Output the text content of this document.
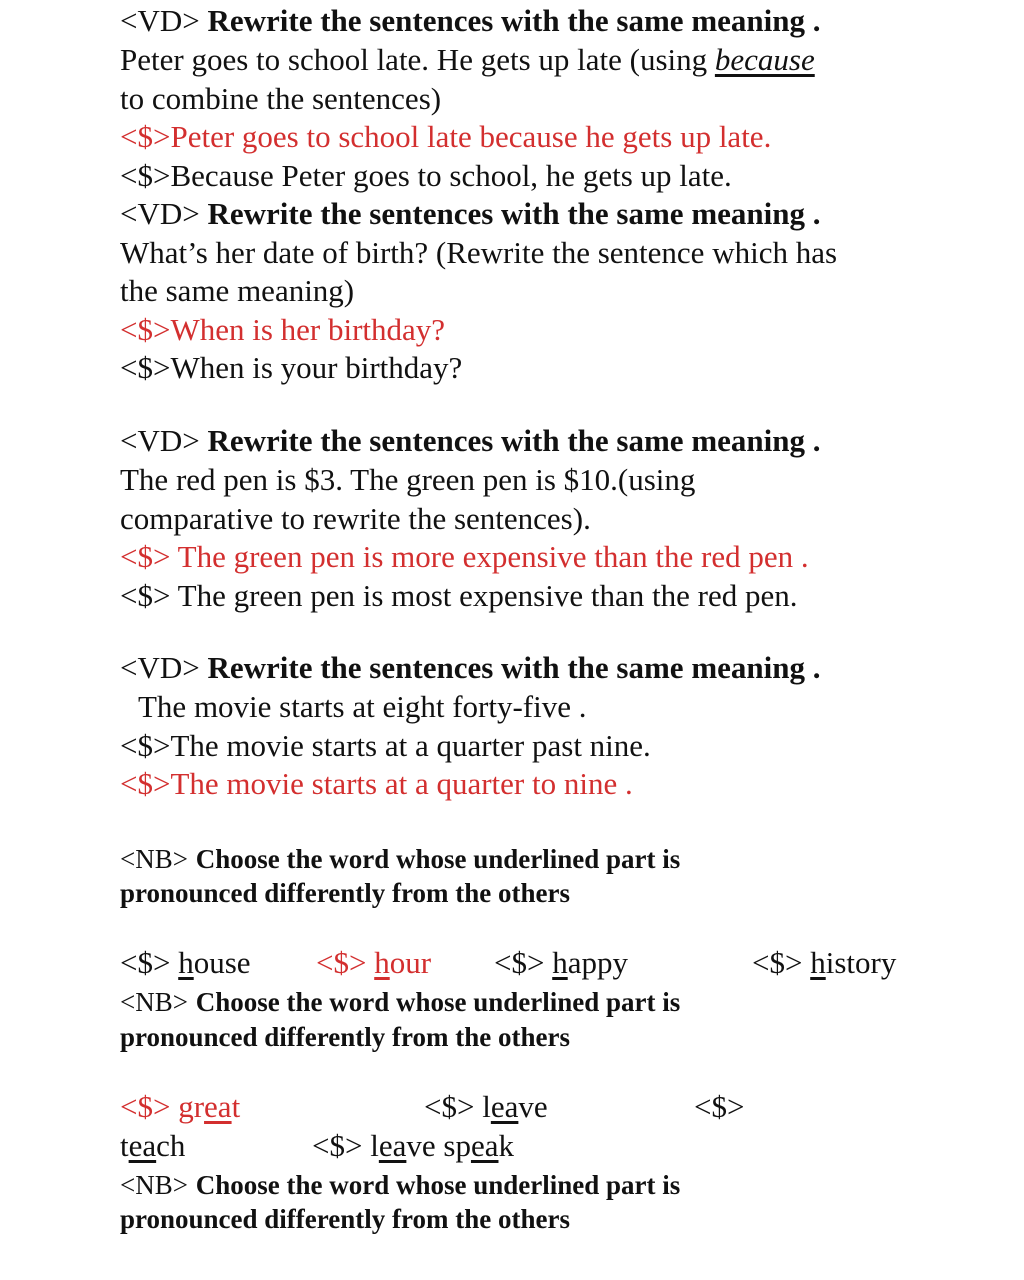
<VD> Rewrite the sentences with the same meaning .
Peter goes to school late. He gets up late (using because
to combine the sentences)
<$>Peter goes to school late because he gets up late.
<$>Because Peter goes to school, he gets up late.
<VD> Rewrite the sentences with the same meaning .
What’s her date of birth? (Rewrite the sentence which has
the same meaning)
<$>When is her birthday?
<$>When is your birthday?
<VD> Rewrite the sentences with the same meaning .
The red pen is $3. The green pen is $10.(using
comparative to rewrite the sentences).
<$> The green pen is more expensive than the red pen .
<$> The green pen is most expensive than the red pen.
<VD> Rewrite the sentences with the same meaning .
The movie starts at eight forty-five .
<$>The movie starts at a quarter past nine.
<$>The movie starts at a quarter to nine .
<NB> Choose the word whose underlined part is
pronounced differently from the others
<$> house <$> hour <$> happy	<$> history
<NB> Choose the word whose underlined part is
pronounced differently from the others
<$> great	<$> leave	<$>
teach	<$> leave speak
<NB> Choose the word whose underlined part is
pronounced differently from the others
